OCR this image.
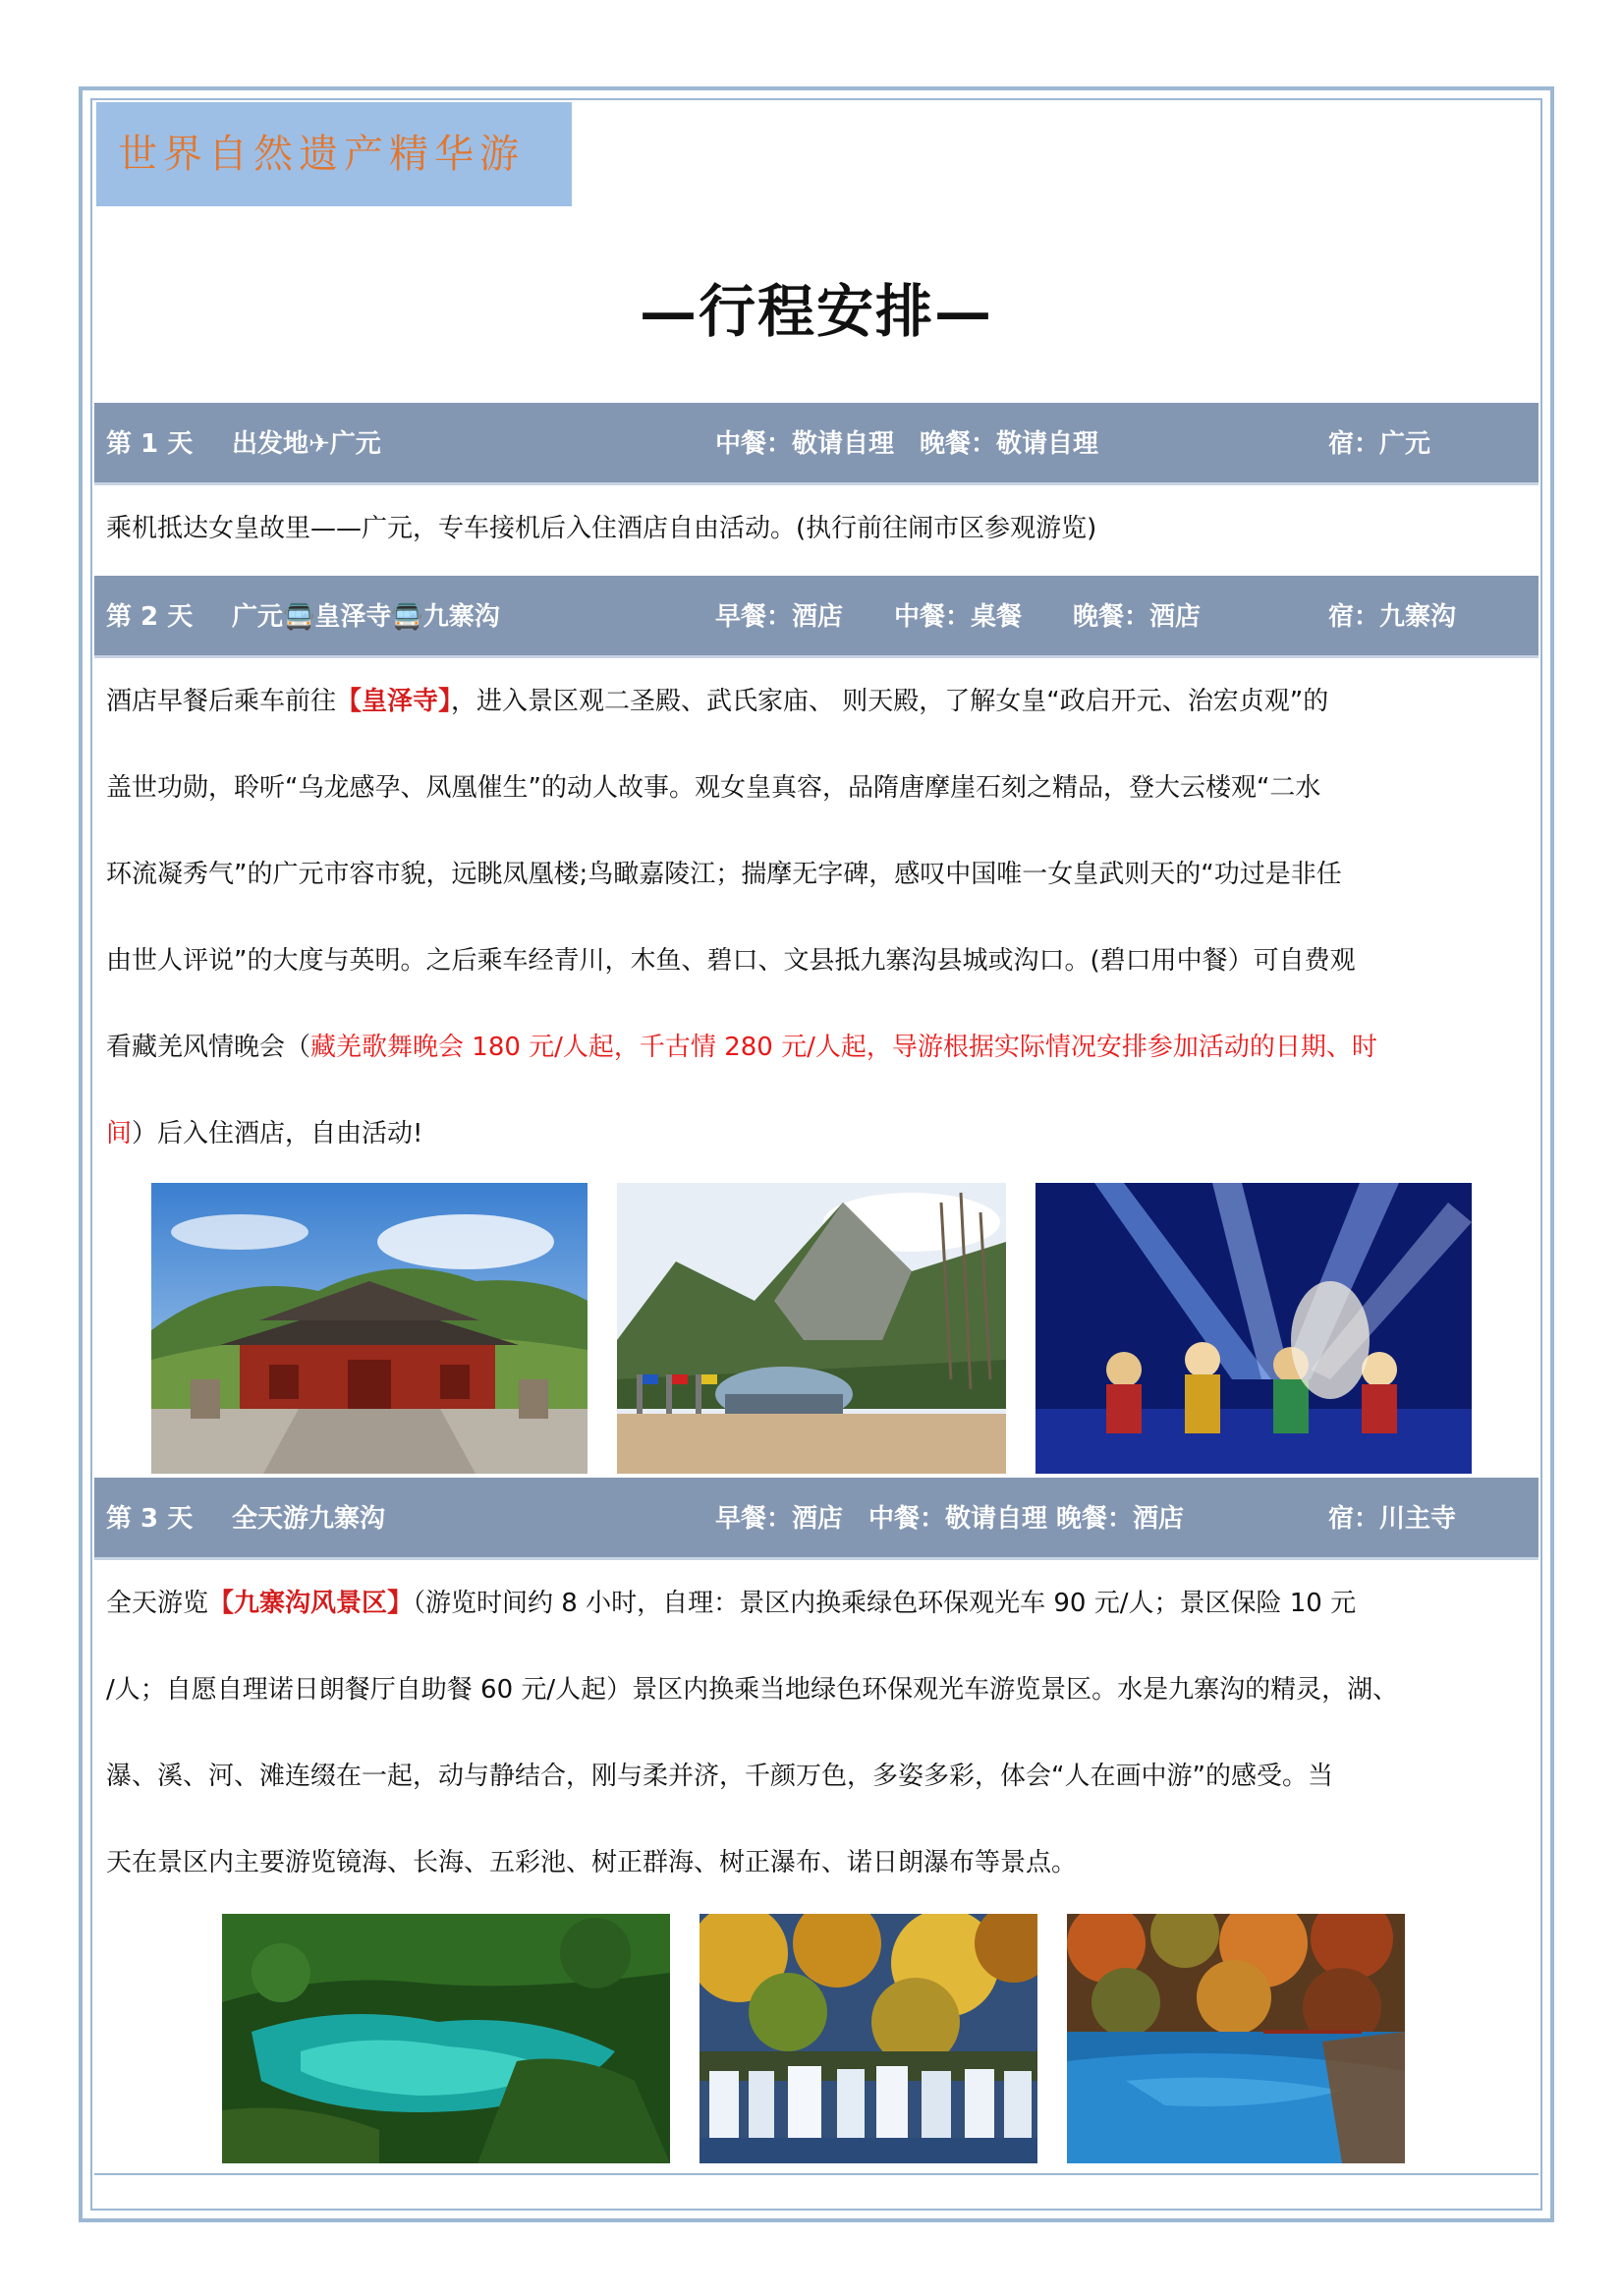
世界自然遗产精华游
—行程安排—
第 1 天 出发地✈广元	中餐：敬请自理　晚餐：敬请自理	宿：广元
乘机抵达女皇故里——广元，专车接机后入住酒店自由活动。(执行前往闹市区参观游览)
第 2 天 广元🚍皇泽寺🚍九寨沟	早餐：酒店　　中餐：桌餐　　晚餐：酒店	宿：九寨沟
酒店早餐后乘车前往【皇泽寺】，进入景区观二圣殿、武氏家庙、 则天殿，了解女皇“政启开元、治宏贞观”的
盖世功勋，聆听“乌龙感孕、凤凰催生”的动人故事。观女皇真容，品隋唐摩崖石刻之精品，登大云楼观“二水
环流凝秀气”的广元市容市貌，远眺凤凰楼;鸟瞰嘉陵江；揣摩无字碑，感叹中国唯一女皇武则天的“功过是非任
由世人评说”的大度与英明。之后乘车经青川，木鱼、碧口、文县抵九寨沟县城或沟口。(碧口用中餐）可自费观
看藏羌风情晚会（藏羌歌舞晚会 180 元/人起，千古情 280 元/人起，导游根据实际情况安排参加活动的日期、时
间）后入住酒店，自由活动!
第 3 天 全天游九寨沟	早餐：酒店　中餐：敬请自理 晚餐：酒店	宿：川主寺
全天游览【九寨沟风景区】（游览时间约 8 小时，自理：景区内换乘绿色环保观光车 90 元/人；景区保险 10 元
/人；自愿自理诺日朗餐厅自助餐 60 元/人起）景区内换乘当地绿色环保观光车游览景区。水是九寨沟的精灵，湖、
瀑、溪、河、滩连缀在一起，动与静结合，刚与柔并济，千颜万色，多姿多彩，体会“人在画中游”的感受。当
天在景区内主要游览镜海、长海、五彩池、树正群海、树正瀑布、诺日朗瀑布等景点。
